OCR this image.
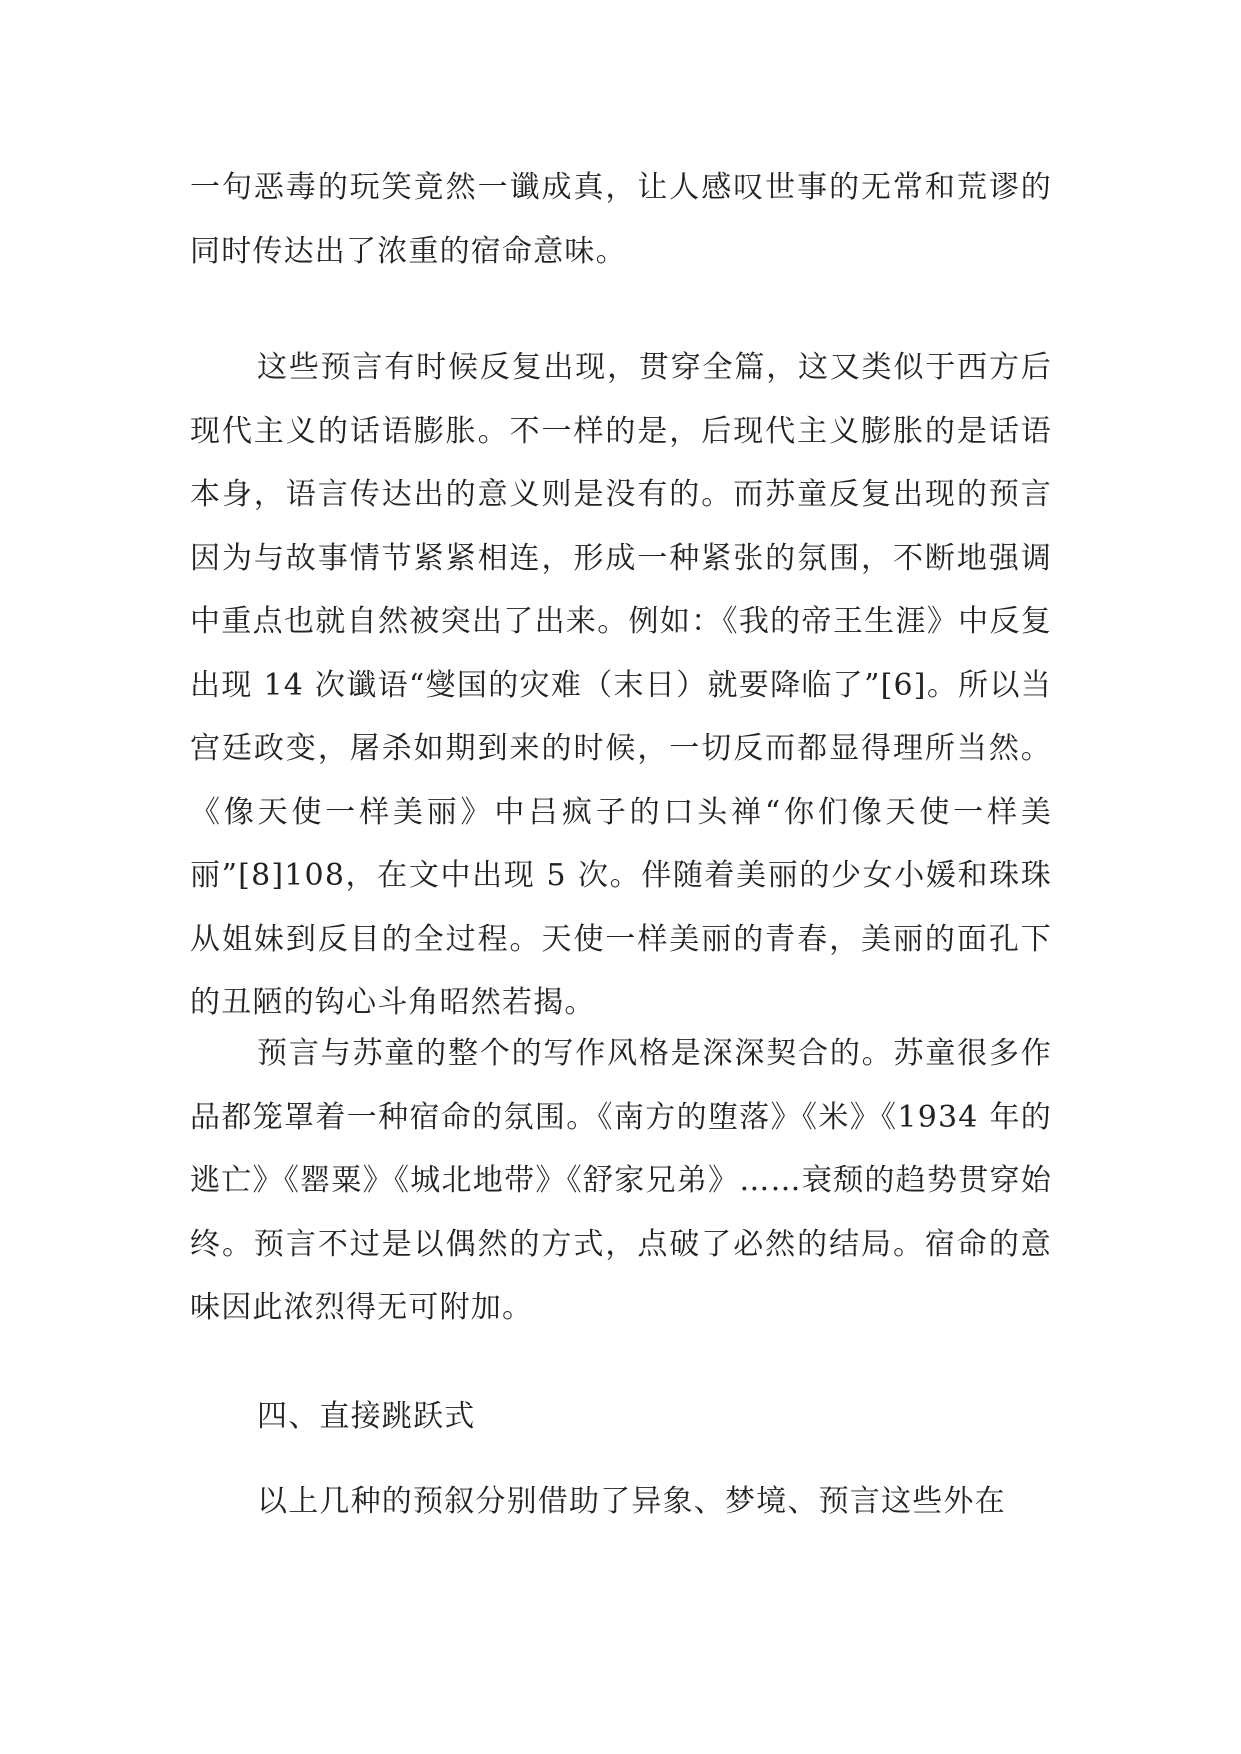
一句恶毒的玩笑竟然一谶成真，让人感叹世事的无常和荒谬的同时传达出了浓重的宿命意味。

这些预言有时候反复出现，贯穿全篇，这又类似于西方后现代主义的话语膨胀。不一样的是，后现代主义膨胀的是话语本身，语言传达出的意义则是没有的。而苏童反复出现的预言因为与故事情节紧紧相连，形成一种紧张的氛围，不断地强调中重点也就自然被突出了出来。例如：《我的帝王生涯》中反复出现 14 次谶语“燮国的灾难（末日）就要降临了”[6]。所以当宫廷政变，屠杀如期到来的时候，一切反而都显得理所当然。《像天使一样美丽》中吕疯子的口头禅“你们像天使一样美丽”[8]108，在文中出现 5 次。伴随着美丽的少女小媛和珠珠从姐妹到反目的全过程。天使一样美丽的青春，美丽的面孔下的丑陋的钩心斗角昭然若揭。

预言与苏童的整个的写作风格是深深契合的。苏童很多作品都笼罩着一种宿命的氛围。《南方的堕落》《米》《1934 年的逃亡》《罂粟》《城北地带》《舒家兄弟》……衰颓的趋势贯穿始终。预言不过是以偶然的方式，点破了必然的结局。宿命的意味因此浓烈得无可附加。

四、直接跳跃式

以上几种的预叙分别借助了异象、梦境、预言这些外在
